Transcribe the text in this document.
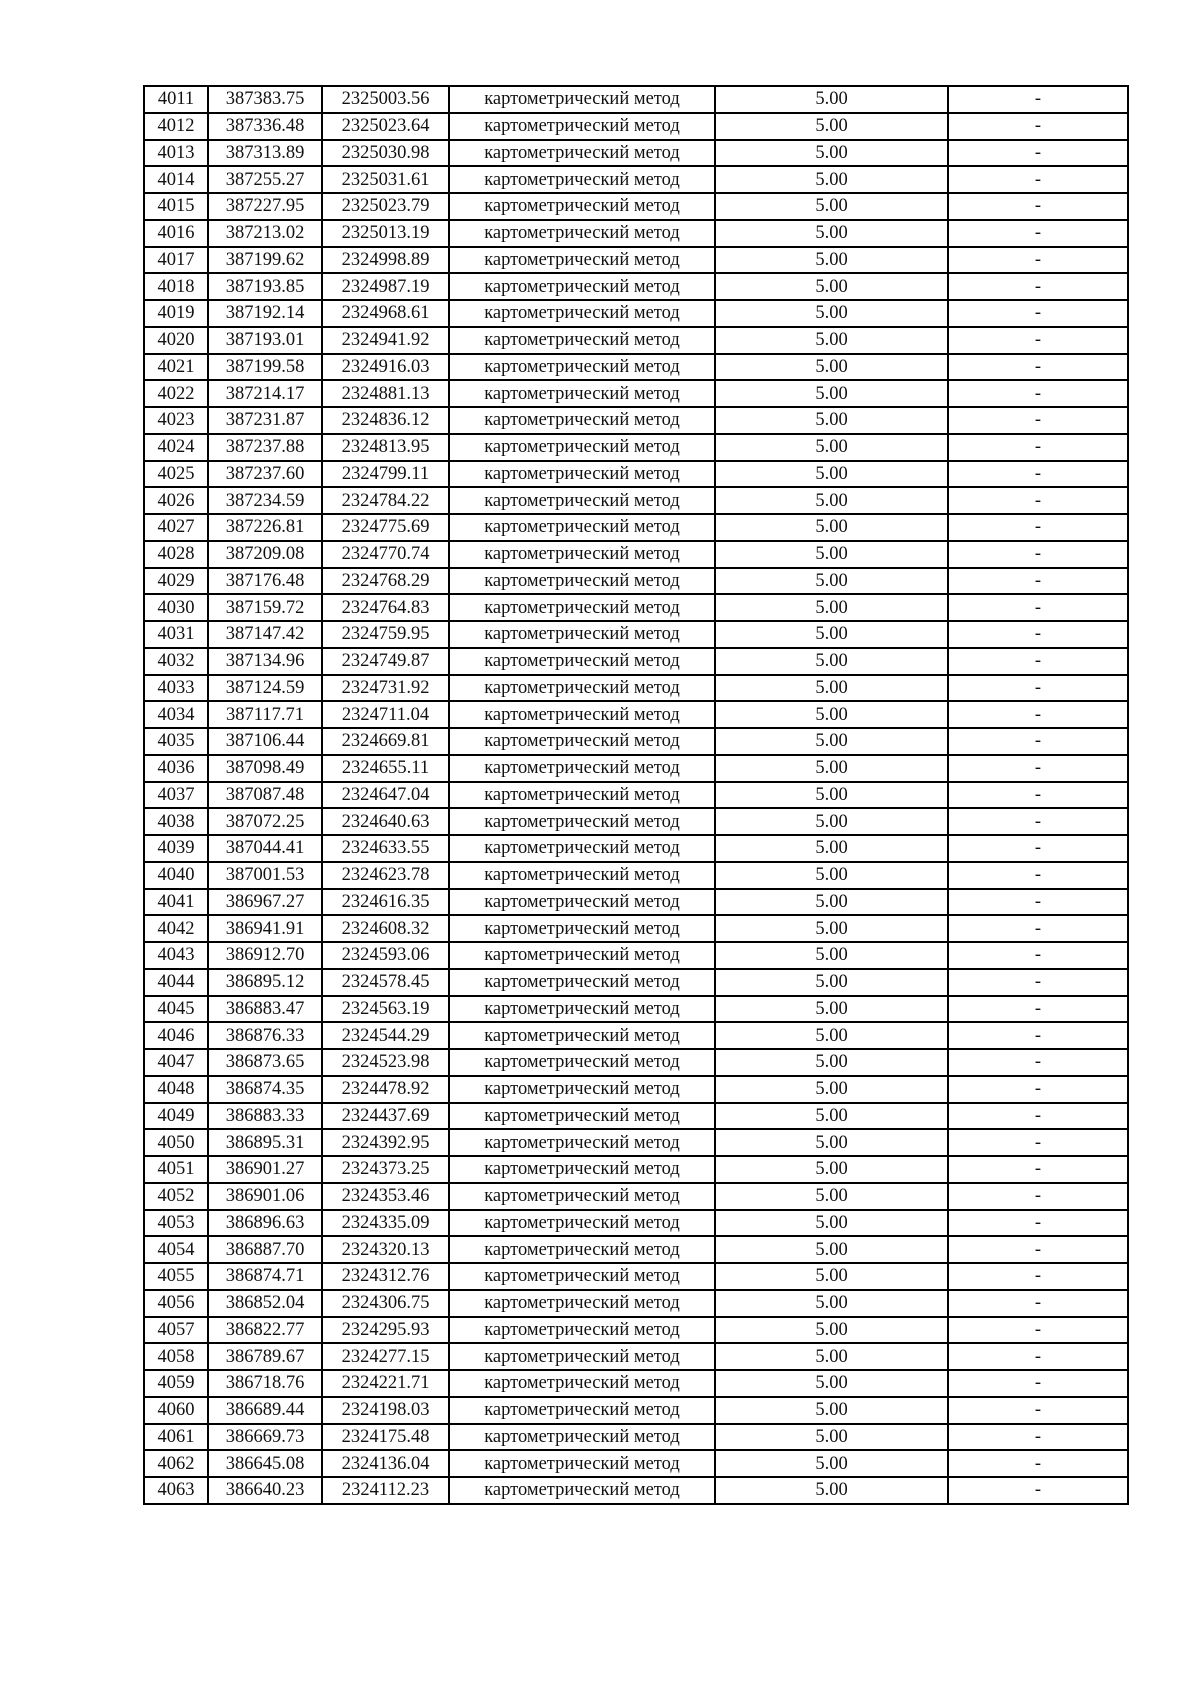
4011	387383.75	2325003.56	картометрический метод	5.00	-
4012	387336.48	2325023.64	картометрический метод	5.00	-
4013	387313.89	2325030.98	картометрический метод	5.00	-
4014	387255.27	2325031.61	картометрический метод	5.00	-
4015	387227.95	2325023.79	картометрический метод	5.00	-
4016	387213.02	2325013.19	картометрический метод	5.00	-
4017	387199.62	2324998.89	картометрический метод	5.00	-
4018	387193.85	2324987.19	картометрический метод	5.00	-
4019	387192.14	2324968.61	картометрический метод	5.00	-
4020	387193.01	2324941.92	картометрический метод	5.00	-
4021	387199.58	2324916.03	картометрический метод	5.00	-
4022	387214.17	2324881.13	картометрический метод	5.00	-
4023	387231.87	2324836.12	картометрический метод	5.00	-
4024	387237.88	2324813.95	картометрический метод	5.00	-
4025	387237.60	2324799.11	картометрический метод	5.00	-
4026	387234.59	2324784.22	картометрический метод	5.00	-
4027	387226.81	2324775.69	картометрический метод	5.00	-
4028	387209.08	2324770.74	картометрический метод	5.00	-
4029	387176.48	2324768.29	картометрический метод	5.00	-
4030	387159.72	2324764.83	картометрический метод	5.00	-
4031	387147.42	2324759.95	картометрический метод	5.00	-
4032	387134.96	2324749.87	картометрический метод	5.00	-
4033	387124.59	2324731.92	картометрический метод	5.00	-
4034	387117.71	2324711.04	картометрический метод	5.00	-
4035	387106.44	2324669.81	картометрический метод	5.00	-
4036	387098.49	2324655.11	картометрический метод	5.00	-
4037	387087.48	2324647.04	картометрический метод	5.00	-
4038	387072.25	2324640.63	картометрический метод	5.00	-
4039	387044.41	2324633.55	картометрический метод	5.00	-
4040	387001.53	2324623.78	картометрический метод	5.00	-
4041	386967.27	2324616.35	картометрический метод	5.00	-
4042	386941.91	2324608.32	картометрический метод	5.00	-
4043	386912.70	2324593.06	картометрический метод	5.00	-
4044	386895.12	2324578.45	картометрический метод	5.00	-
4045	386883.47	2324563.19	картометрический метод	5.00	-
4046	386876.33	2324544.29	картометрический метод	5.00	-
4047	386873.65	2324523.98	картометрический метод	5.00	-
4048	386874.35	2324478.92	картометрический метод	5.00	-
4049	386883.33	2324437.69	картометрический метод	5.00	-
4050	386895.31	2324392.95	картометрический метод	5.00	-
4051	386901.27	2324373.25	картометрический метод	5.00	-
4052	386901.06	2324353.46	картометрический метод	5.00	-
4053	386896.63	2324335.09	картометрический метод	5.00	-
4054	386887.70	2324320.13	картометрический метод	5.00	-
4055	386874.71	2324312.76	картометрический метод	5.00	-
4056	386852.04	2324306.75	картометрический метод	5.00	-
4057	386822.77	2324295.93	картометрический метод	5.00	-
4058	386789.67	2324277.15	картометрический метод	5.00	-
4059	386718.76	2324221.71	картометрический метод	5.00	-
4060	386689.44	2324198.03	картометрический метод	5.00	-
4061	386669.73	2324175.48	картометрический метод	5.00	-
4062	386645.08	2324136.04	картометрический метод	5.00	-
4063	386640.23	2324112.23	картометрический метод	5.00	-
